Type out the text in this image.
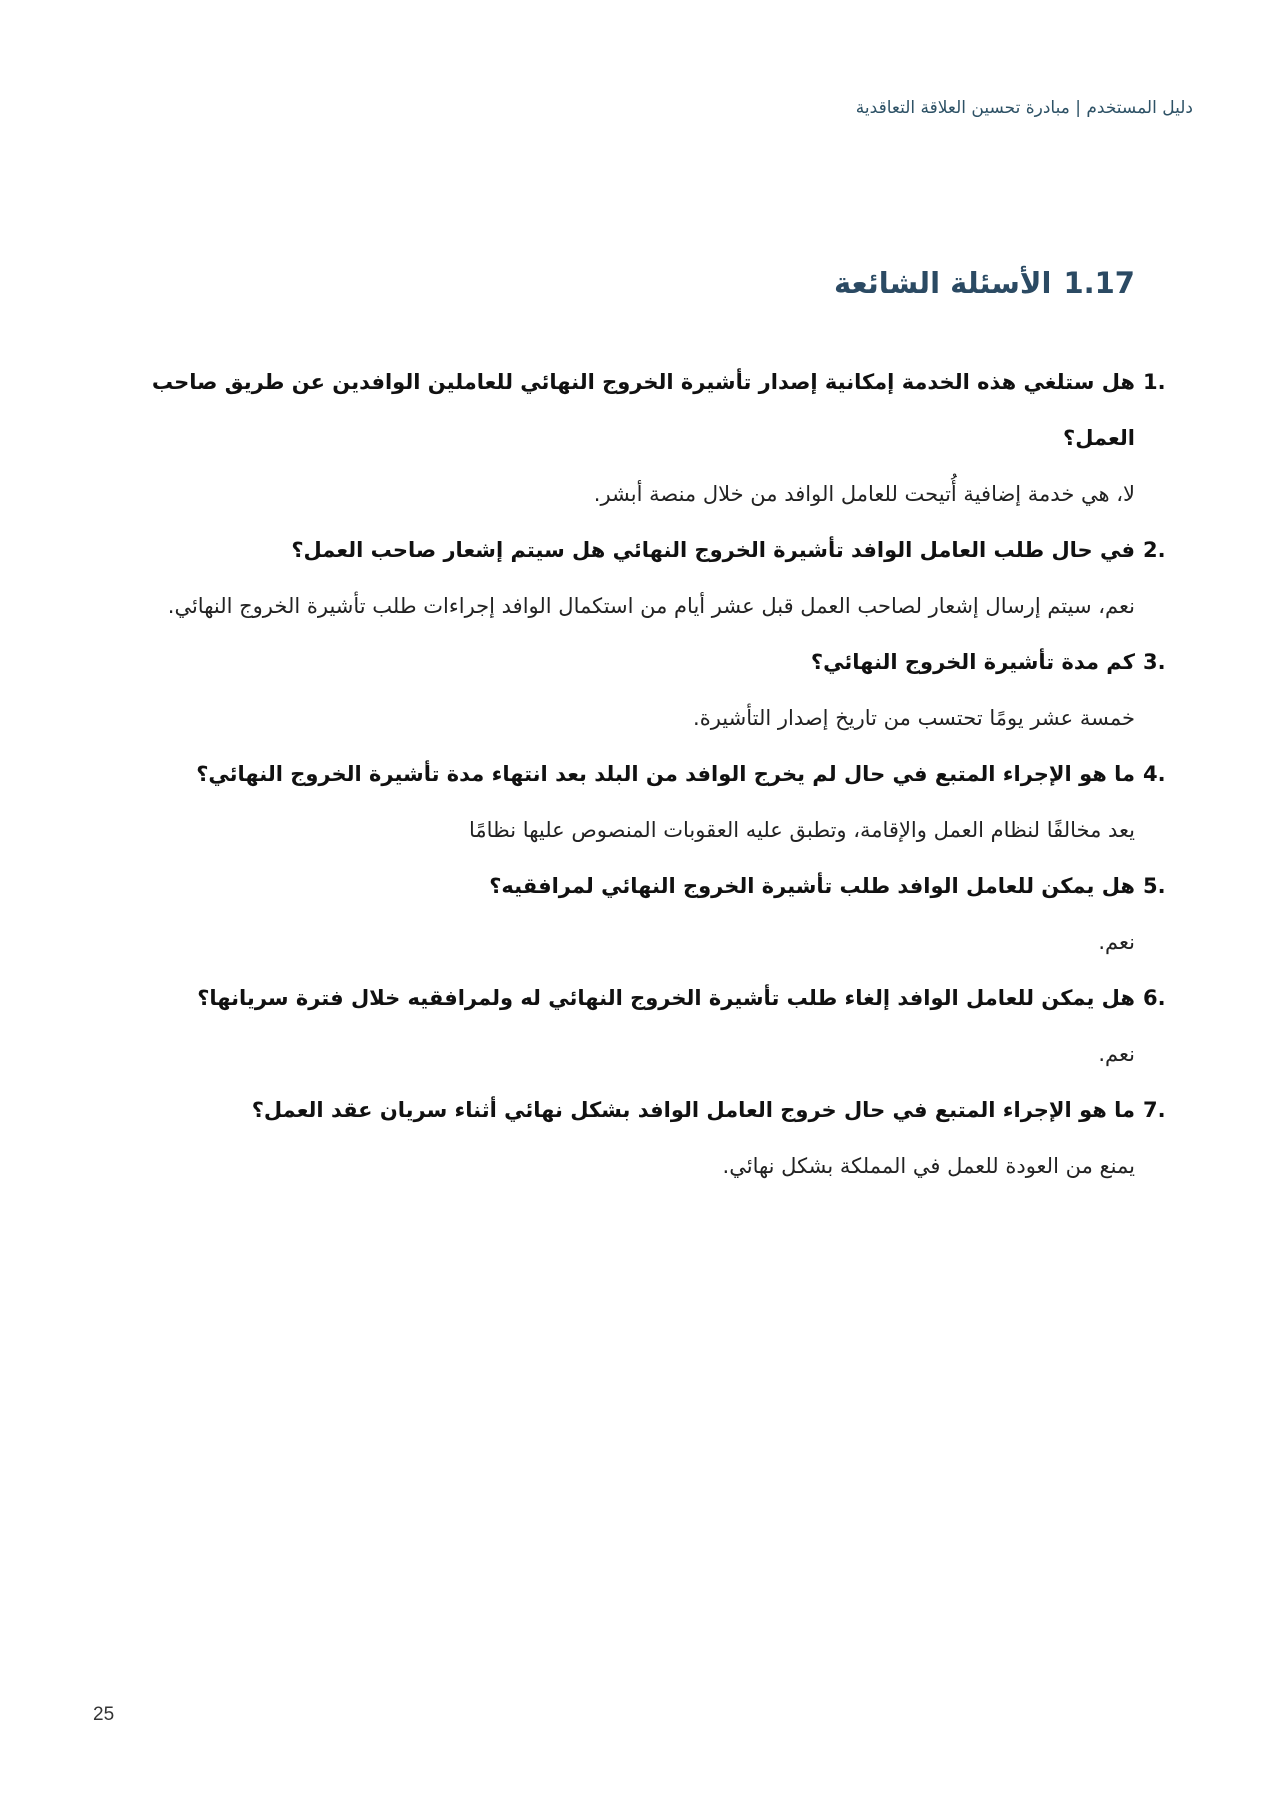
دليل المستخدم | مبادرة تحسين العلاقة التعاقدية
1.17الأسئلة الشائعة
1.
هل ستلغي هذه الخدمة إمكانية إصدار تأشيرة الخروج النهائي للعاملين الوافدين عن طريق صاحب العمل؟
لا، هي خدمة إضافية أُتيحت للعامل الوافد من خلال منصة أبشر.
2.
في حال طلب العامل الوافد تأشيرة الخروج النهائي هل سيتم إشعار صاحب العمل؟
نعم، سيتم إرسال إشعار لصاحب العمل قبل عشر أيام من استكمال الوافد إجراءات طلب تأشيرة الخروج النهائي.
3.
كم مدة تأشيرة الخروج النهائي؟
خمسة عشر يومًا تحتسب من تاريخ إصدار التأشيرة.
4.
ما هو الإجراء المتبع في حال لم يخرج الوافد من البلد بعد انتهاء مدة تأشيرة الخروج النهائي؟
يعد مخالفًا لنظام العمل والإقامة، وتطبق عليه العقوبات المنصوص عليها نظامًا
5.
هل يمكن للعامل الوافد طلب تأشيرة الخروج النهائي لمرافقيه؟
نعم.
6.
هل يمكن للعامل الوافد إلغاء طلب تأشيرة الخروج النهائي له ولمرافقيه خلال فترة سريانها؟
نعم.
7.
ما هو الإجراء المتبع في حال خروج العامل الوافد بشكل نهائي أثناء سريان عقد العمل؟
يمنع من العودة للعمل في المملكة بشكل نهائي.
25
